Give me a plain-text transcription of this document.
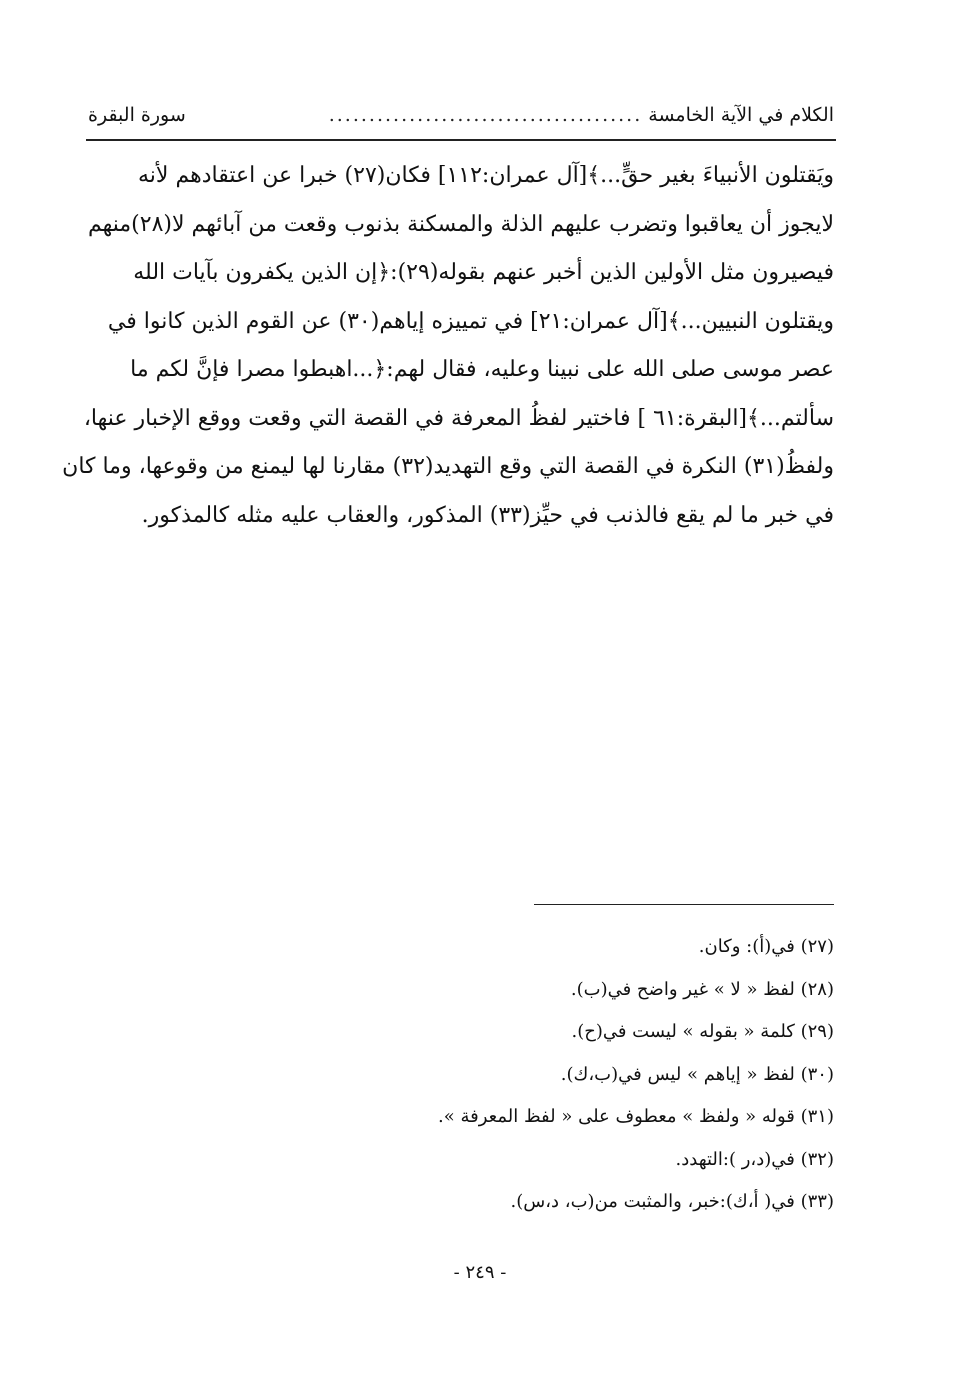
سورة البقرة	....................................... الكلام في الآية الخامسة
ويَقتلون الأنبياءَ بغير حقٍّ...﴾[آل عمران:١١٢] فكان(٢٧) خبرا عن اعتقادهم لأنه
لايجوز أن يعاقبوا وتضرب عليهم الذلة والمسكنة بذنوب وقعت من آبائهم لا(٢٨)منهم
فيصيرون مثل الأولين الذين أخبر عنهم بقوله(٢٩):﴿إن الذين يكفرون بآيات الله
ويقتلون النبيين...﴾[آل عمران:٢١] في تمييزه إياهم(٣٠) عن القوم الذين كانوا في
عصر موسى صلى الله على نبينا وعليه، فقال لهم:﴿...اهبطوا مصرا فإنَّ لكم ما
سألتم...﴾[البقرة:٦١ ] فاختير لفظُ المعرفة في القصة التي وقعت ووقع الإخبار عنها،
ولفظُ(٣١) النكرة في القصة التي وقع التهديد(٣٢) مقارنا لها ليمنع من وقوعها، وما كان
في خبر ما لم يقع فالذنب في حيِّز(٣٣) المذكور، والعقاب عليه مثله كالمذكور.
(٢٧) في(أ): وكان.
(٢٨) لفظ « لا » غير واضح في(ب).
(٢٩) كلمة « بقوله » ليست في(ح).
(٣٠) لفظ « إياهم » ليس في(ب،ك).
(٣١) قوله « ولفظ » معطوف على « لفظ المعرفة ».
(٣٢) في(د،ر ):التهدد.
(٣٣) في( أ،ك):خبر، والمثبت من(ب، د،س).
- ٢٤٩ -
